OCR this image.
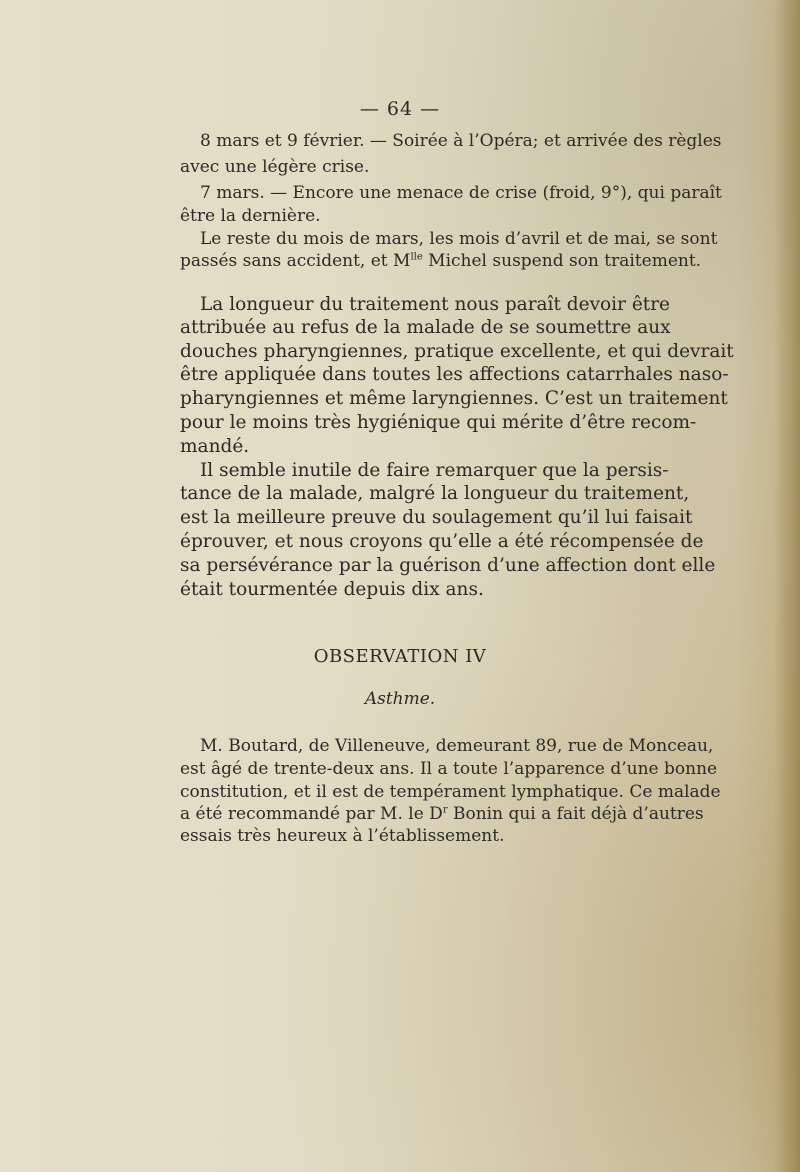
— 64 —
8 mars et 9 février. — Soirée à l’Opéra; et arrivée des règles
avec une légère crise.
7 mars. — Encore une menace de crise (froid, 9°), qui paraît
être la dernière.
Le reste du mois de mars, les mois d’avril et de mai, se sont
passés sans accident, et $M^{lle}$ Michel suspend son traitement.
La longueur du traitement nous paraît devoir être
attribuée au refus de la malade de se soumettre aux
douches pharyngiennes, pratique excellente, et qui devrait
être appliquée dans toutes les affections catarrhales naso-
pharyngiennes et même laryngiennes. C’est un traitement
pour le moins très hygiénique qui mérite d’être recom-
mandé.
Il semble inutile de faire remarquer que la persis-
tance de la malade, malgré la longueur du traitement,
est la meilleure preuve du soulagement qu’il lui faisait
éprouver, et nous croyons qu’elle a été récompensée de
sa persévérance par la guérison d’une affection dont elle
était tourmentée depuis dix ans.
OBSERVATION IV
Asthme.
M. Boutard, de Villeneuve, demeurant 89, rue de Monceau,
est âgé de trente-deux ans. Il a toute l’apparence d’une bonne
constitution, et il est de tempérament lymphatique. Ce malade
a été recommandé par M. le $D^r$ Bonin qui a fait déjà d’autres
essais très heureux à l’établissement.
